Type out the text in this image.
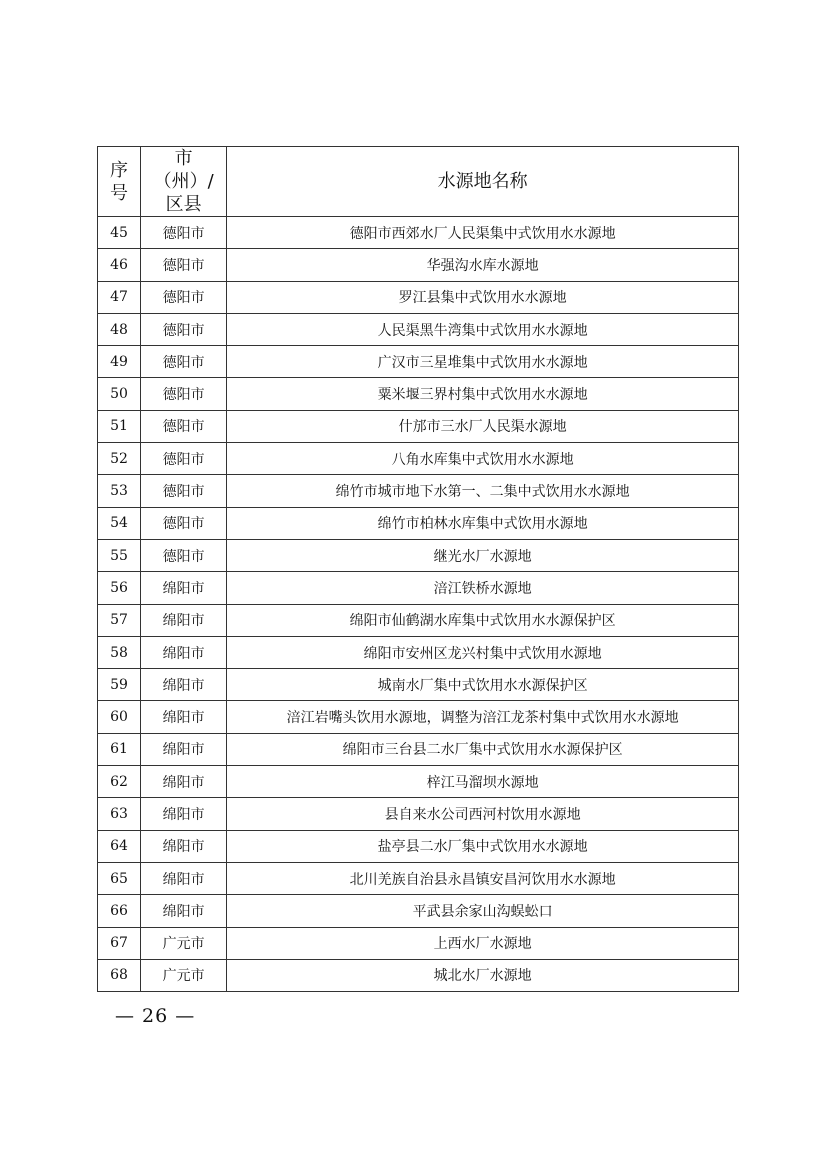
序号	市（州）/区县	水源地名称
45	德阳市	德阳市西郊水厂人民渠集中式饮用水水源地
46	德阳市	华强沟水库水源地
47	德阳市	罗江县集中式饮用水水源地
48	德阳市	人民渠黑牛湾集中式饮用水水源地
49	德阳市	广汉市三星堆集中式饮用水水源地
50	德阳市	粟米堰三界村集中式饮用水水源地
51	德阳市	什邡市三水厂人民渠水源地
52	德阳市	八角水库集中式饮用水水源地
53	德阳市	绵竹市城市地下水第一、二集中式饮用水水源地
54	德阳市	绵竹市柏林水库集中式饮用水源地
55	德阳市	继光水厂水源地
56	绵阳市	涪江铁桥水源地
57	绵阳市	绵阳市仙鹤湖水库集中式饮用水水源保护区
58	绵阳市	绵阳市安州区龙兴村集中式饮用水源地
59	绵阳市	城南水厂集中式饮用水水源保护区
60	绵阳市	涪江岩嘴头饮用水源地，调整为涪江龙茶村集中式饮用水水源地
61	绵阳市	绵阳市三台县二水厂集中式饮用水水源保护区
62	绵阳市	梓江马溜坝水源地
63	绵阳市	县自来水公司西河村饮用水源地
64	绵阳市	盐亭县二水厂集中式饮用水水源地
65	绵阳市	北川羌族自治县永昌镇安昌河饮用水水源地
66	绵阳市	平武县余家山沟蜈蚣口
67	广元市	上西水厂水源地
68	广元市	城北水厂水源地
— 26 —
